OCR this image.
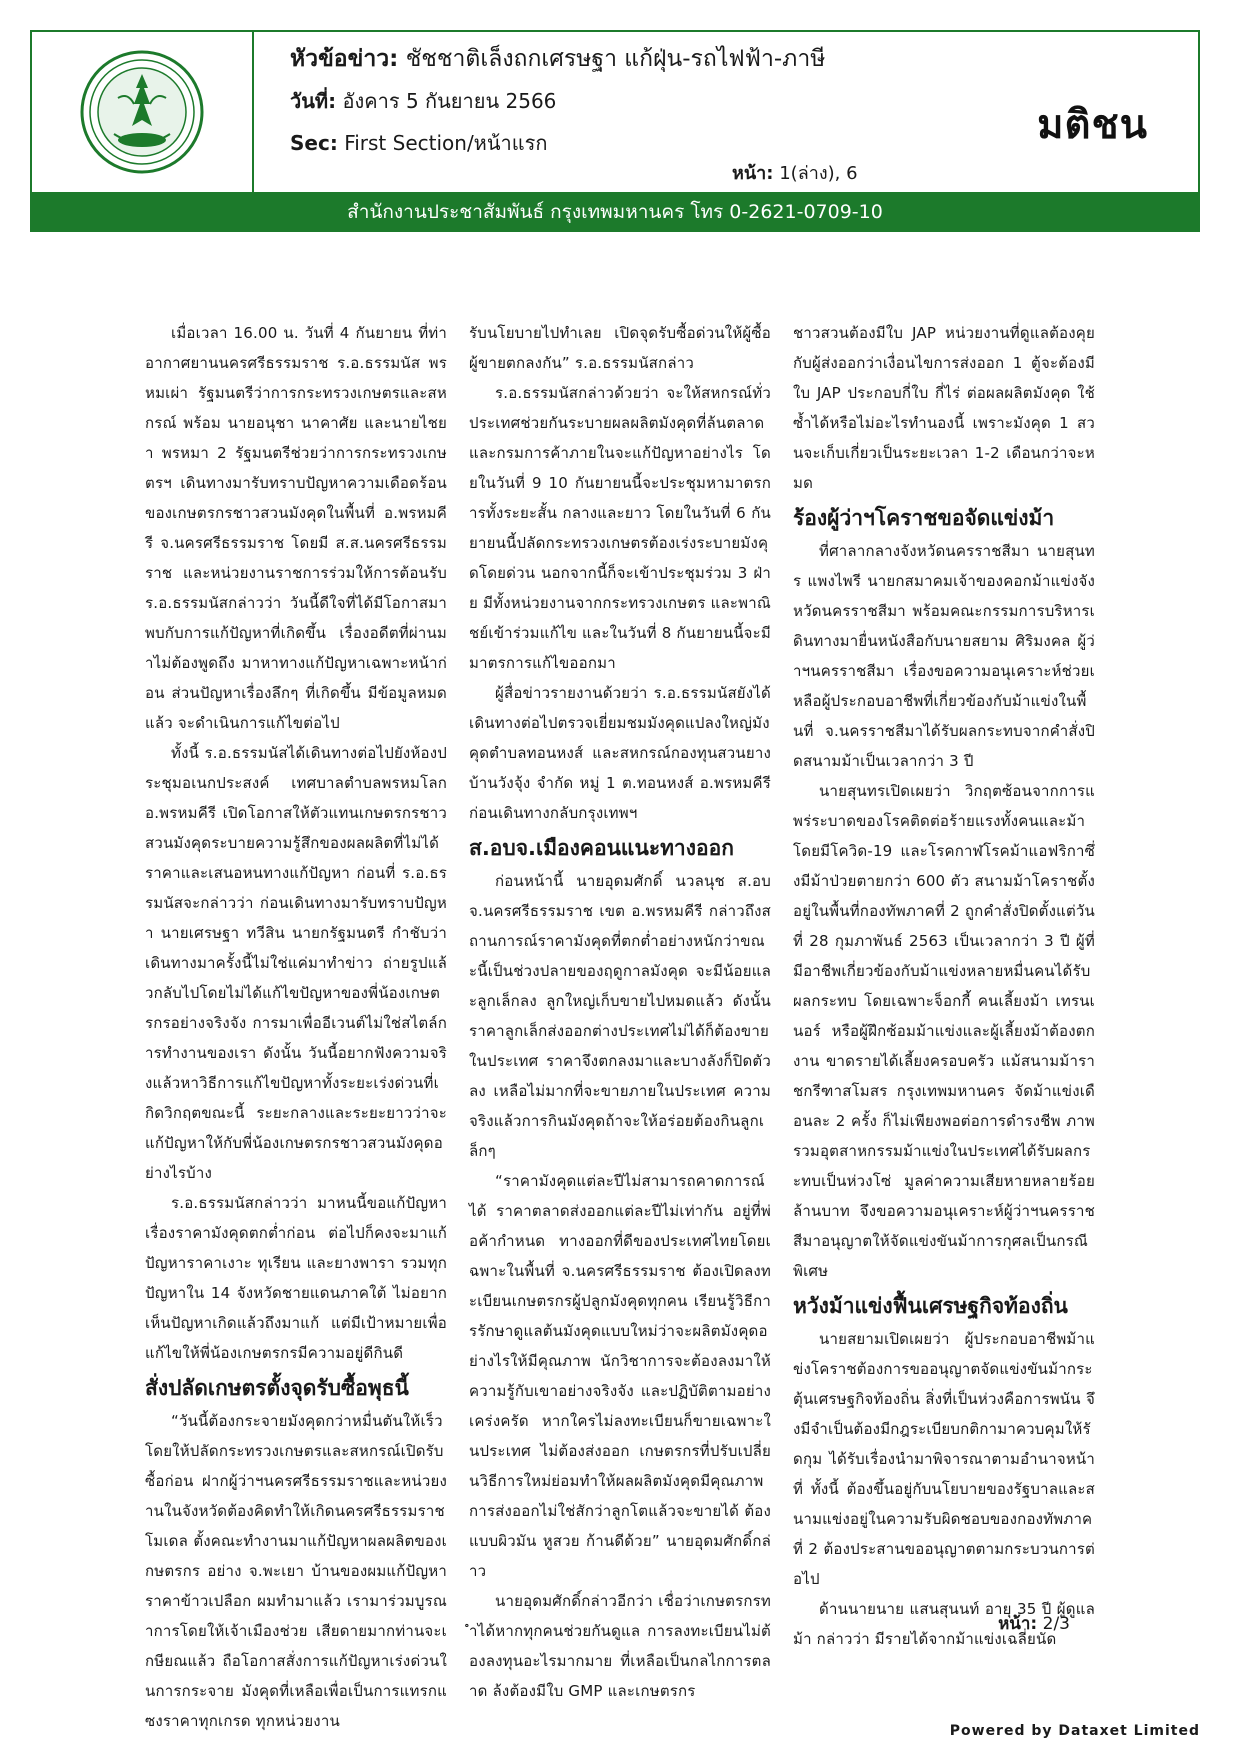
หัวข้อข่าว: ชัชชาติเล็งถกเศรษฐา แก้ฝุ่น-รถไฟฟ้า-ภาษี
วันที่: อังคาร 5 กันยายน 2566
Sec: First Section/หน้าแรก
หน้า: 1(ล่าง), 6
มติชน
สำนักงานประชาสัมพันธ์ กรุงเทพมหานคร โทร 0-2621-0709-10

เมื่อเวลา 16.00 น. วันที่ 4 กันยายน ที่ท่าอากาศยานนครศรีธรรมราช ร.อ.ธรรมนัส พรหมเผ่า รัฐมนตรีว่าการกระทรวงเกษตรและสหกรณ์ พร้อม นายอนุชา นาคาศัย และนายไชยา พรหมา 2 รัฐมนตรีช่วยว่าการกระทรวงเกษตรฯ เดินทางมารับทราบปัญหาความเดือดร้อนของเกษตรกรชาวสวนมังคุดในพื้นที่ อ.พรหมคีรี จ.นครศรีธรรมราช โดยมี ส.ส.นครศรีธรรมราช และหน่วยงานราชการร่วมให้การต้อนรับ ร.อ.ธรรมนัสกล่าวว่า วันนี้ดีใจที่ได้มีโอกาสมาพบกับการแก้ปัญหาที่เกิดขึ้น เรื่องอดีตที่ผ่านมาไม่ต้องพูดถึง มาหาทางแก้ปัญหาเฉพาะหน้าก่อน ส่วนปัญหาเรื่องลึกๆ ที่เกิดขึ้น มีข้อมูลหมดแล้ว จะดำเนินการแก้ไขต่อไป

ทั้งนี้ ร.อ.ธรรมนัสได้เดินทางต่อไปยังห้องประชุมอเนกประสงค์ เทศบาลตำบลพรหมโลก อ.พรหมคีรี เปิดโอกาสให้ตัวแทนเกษตรกรชาวสวนมังคุดระบายความรู้สึกของผลผลิตที่ไม่ได้ราคาและเสนอหนทางแก้ปัญหา ก่อนที่ ร.อ.ธรรมนัสจะกล่าวว่า ก่อนเดินทางมารับทราบปัญหา นายเศรษฐา ทวีสิน นายกรัฐมนตรี กำชับว่า เดินทางมาครั้งนี้ไม่ใช่แค่มาทำข่าว ถ่ายรูปแล้วกลับไปโดยไม่ได้แก้ไขปัญหาของพี่น้องเกษตรกรอย่างจริงจัง การมาเพื่ออีเวนต์ไม่ใช่สไตล์การทำงานของเรา ดังนั้น วันนี้อยากฟังความจริงแล้วหาวิธีการแก้ไขปัญหาทั้งระยะเร่งด่วนที่เกิดวิกฤตขณะนี้ ระยะกลางและระยะยาวว่าจะแก้ปัญหาให้กับพี่น้องเกษตรกรชาวสวนมังคุดอย่างไรบ้าง

ร.อ.ธรรมนัสกล่าวว่า มาหนนี้ขอแก้ปัญหาเรื่องราคามังคุดตกต่ำก่อน ต่อไปก็คงจะมาแก้ปัญหาราคาเงาะ ทุเรียน และยางพารา รวมทุกปัญหาใน 14 จังหวัดชายแดนภาคใต้ ไม่อยากเห็นปัญหาเกิดแล้วถึงมาแก้ แต่มีเป้าหมายเพื่อแก้ไขให้พี่น้องเกษตรกรมีความอยู่ดีกินดี

สั่งปลัดเกษตรตั้งจุดรับซื้อพุธนี้

“วันนี้ต้องกระจายมังคุดกว่าหมื่นตันให้เร็วโดยให้ปลัดกระทรวงเกษตรและสหกรณ์เปิดรับซื้อก่อน ฝากผู้ว่าฯนครศรีธรรมราชและหน่วยงานในจังหวัดต้องคิดทำให้เกิดนครศรีธรรมราชโมเดล ตั้งคณะทำงานมาแก้ปัญหาผลผลิตของเกษตรกร อย่าง จ.พะเยา บ้านของผมแก้ปัญหาราคาข้าวเปลือก ผมทำมาแล้ว เรามาร่วมบูรณาการโดยให้เจ้าเมืองช่วย เสียดายมากท่านจะเกษียณแล้ว ถือโอกาสสั่งการแก้ปัญหาเร่งด่วนในการกระจาย มังคุดที่เหลือเพื่อเป็นการแทรกแซงราคาทุกเกรด ทุกหน่วยงาน

รับนโยบายไปทำเลย เปิดจุดรับซื้อด่วนให้ผู้ซื้อผู้ขายตกลงกัน” ร.อ.ธรรมนัสกล่าว

ร.อ.ธรรมนัสกล่าวด้วยว่า จะให้สหกรณ์ทั่วประเทศช่วยกันระบายผลผลิตมังคุดที่ล้นตลาด และกรมการค้าภายในจะแก้ปัญหาอย่างไร โดยในวันที่ 9 10 กันยายนนี้จะประชุมหามาตรการทั้งระยะสั้น กลางและยาว โดยในวันที่ 6 กันยายนนี้ปลัดกระทรวงเกษตรต้องเร่งระบายมังคุดโดยด่วน นอกจากนี้ก็จะเข้าประชุมร่วม 3 ฝ่าย มีทั้งหน่วยงานจากกระทรวงเกษตร และพาณิชย์เข้าร่วมแก้ไข และในวันที่ 8 กันยายนนี้จะมีมาตรการแก้ไขออกมา

ผู้สื่อข่าวรายงานด้วยว่า ร.อ.ธรรมนัสยังได้เดินทางต่อไปตรวจเยี่ยมชมมังคุดแปลงใหญ่มังคุดตำบลทอนหงส์ และสหกรณ์กองทุนสวนยางบ้านวังจุ้ง จำกัด หมู่ 1 ต.ทอนหงส์ อ.พรหมคีรี ก่อนเดินทางกลับกรุงเทพฯ

ส.อบจ.เมืองคอนแนะทางออก

ก่อนหน้านี้ นายอุดมศักดิ์ นวลนุช ส.อบจ.นครศรีธรรมราช เขต อ.พรหมคีรี กล่าวถึงสถานการณ์ราคามังคุดที่ตกต่ำอย่างหนักว่าขณะนี้เป็นช่วงปลายของฤดูกาลมังคุด จะมีน้อยและลูกเล็กลง ลูกใหญ่เก็บขายไปหมดแล้ว ดังนั้น ราคาลูกเล็กส่งออกต่างประเทศไม่ได้ก็ต้องขายในประเทศ ราคาจึงตกลงมาและบางลังก็ปิดตัวลง เหลือไม่มากที่จะขายภายในประเทศ ความจริงแล้วการกินมังคุดถ้าจะให้อร่อยต้องกินลูกเล็กๆ

“ราคามังคุดแต่ละปีไม่สามารถคาดการณ์ได้ ราคาตลาดส่งออกแต่ละปีไม่เท่ากัน อยู่ที่พ่อค้ากำหนด ทางออกที่ดีของประเทศไทยโดยเฉพาะในพื้นที่ จ.นครศรีธรรมราช ต้องเปิดลงทะเบียนเกษตรกรผู้ปลูกมังคุดทุกคน เรียนรู้วิธีการรักษาดูแลต้นมังคุดแบบใหม่ว่าจะผลิตมังคุดอย่างไรให้มีคุณภาพ นักวิชาการจะต้องลงมาให้ความรู้กับเขาอย่างจริงจัง และปฏิบัติตามอย่างเคร่งครัด หากใครไม่ลงทะเบียนก็ขายเฉพาะในประเทศ ไม่ต้องส่งออก เกษตรกรที่ปรับเปลี่ยนวิธีการใหม่ย่อมทำให้ผลผลิตมังคุดมีคุณภาพ การส่งออกไม่ใช่สักว่าลูกโตแล้วจะขายได้ ต้องแบบผิวมัน หูสวย ก้านดีด้วย” นายอุดมศักดิ์กล่าว

นายอุดมศักดิ์กล่าวอีกว่า เชื่อว่าเกษตรกรทำได้หากทุกคนช่วยกันดูแล การลงทะเบียนไม่ต้องลงทุนอะไรมากมาย ที่เหลือเป็นกลไกการตลาด ล้งต้องมีใบ GMP และเกษตรกร

ชาวสวนต้องมีใบ JAP หน่วยงานที่ดูแลต้องคุยกับผู้ส่งออกว่าเงื่อนไขการส่งออก 1 ตู้จะต้องมีใบ JAP ประกอบกี่ใบ กี่ไร่ ต่อผลผลิตมังคุด ใช้ซ้ำได้หรือไม่อะไรทำนองนี้ เพราะมังคุด 1 สวนจะเก็บเกี่ยวเป็นระยะเวลา 1-2 เดือนกว่าจะหมด

ร้องผู้ว่าฯโคราชขอจัดแข่งม้า

ที่ศาลากลางจังหวัดนครราชสีมา นายสุนทร แพงไพรี นายกสมาคมเจ้าของคอกม้าแข่งจังหวัดนครราชสีมา พร้อมคณะกรรมการบริหารเดินทางมายื่นหนังสือกับนายสยาม ศิริมงคล ผู้ว่าฯนครราชสีมา เรื่องขอความอนุเคราะห์ช่วยเหลือผู้ประกอบอาชีพที่เกี่ยวข้องกับม้าแข่งในพื้นที่ จ.นครราชสีมาได้รับผลกระทบจากคำสั่งปิดสนามม้าเป็นเวลากว่า 3 ปี

นายสุนทรเปิดเผยว่า วิกฤตซ้อนจากการแพร่ระบาดของโรคติดต่อร้ายแรงทั้งคนและม้า โดยมีโควิด-19 และโรคกาฬโรคม้าแอฟริกาซึ่งมีม้าป่วยตายกว่า 600 ตัว สนามม้าโคราชตั้งอยู่ในพื้นที่กองทัพภาคที่ 2 ถูกคำสั่งปิดตั้งแต่วันที่ 28 กุมภาพันธ์ 2563 เป็นเวลากว่า 3 ปี ผู้ที่มีอาชีพเกี่ยวข้องกับม้าแข่งหลายหมื่นคนได้รับผลกระทบ โดยเฉพาะจ็อกกี้ คนเลี้ยงม้า เทรนเนอร์ หรือผู้ฝึกซ้อมม้าแข่งและผู้เลี้ยงม้าต้องตกงาน ขาดรายได้เลี้ยงครอบครัว แม้สนามม้าราชกรีฑาสโมสร กรุงเทพมหานคร จัดม้าแข่งเดือนละ 2 ครั้ง ก็ไม่เพียงพอต่อการดำรงชีพ ภาพรวมอุตสาหกรรมม้าแข่งในประเทศได้รับผลกระทบเป็นห่วงโซ่ มูลค่าความเสียหายหลายร้อยล้านบาท จึงขอความอนุเคราะห์ผู้ว่าฯนครราชสีมาอนุญาตให้จัดแข่งขันม้าการกุศลเป็นกรณีพิเศษ

หวังม้าแข่งฟื้นเศรษฐกิจท้องถิ่น

นายสยามเปิดเผยว่า ผู้ประกอบอาชีพม้าแข่งโคราชต้องการขออนุญาตจัดแข่งขันม้ากระตุ้นเศรษฐกิจท้องถิ่น สิ่งที่เป็นห่วงคือการพนัน จึงมีจำเป็นต้องมีกฎระเบียบกติกามาควบคุมให้รัดกุม ได้รับเรื่องนำมาพิจารณาตามอำนาจหน้าที่ ทั้งนี้ ต้องขึ้นอยู่กับนโยบายของรัฐบาลและสนามแข่งอยู่ในความรับผิดชอบของกองทัพภาคที่ 2 ต้องประสานขออนุญาตตามกระบวนการต่อไป

ด้านนายนาย แสนสุนนท์ อายุ 35 ปี ผู้ดูแลม้า กล่าวว่า มีรายได้จากม้าแข่งเฉลี่ยนัด

หน้า: 2/3
Powered by Dataxet Limited
